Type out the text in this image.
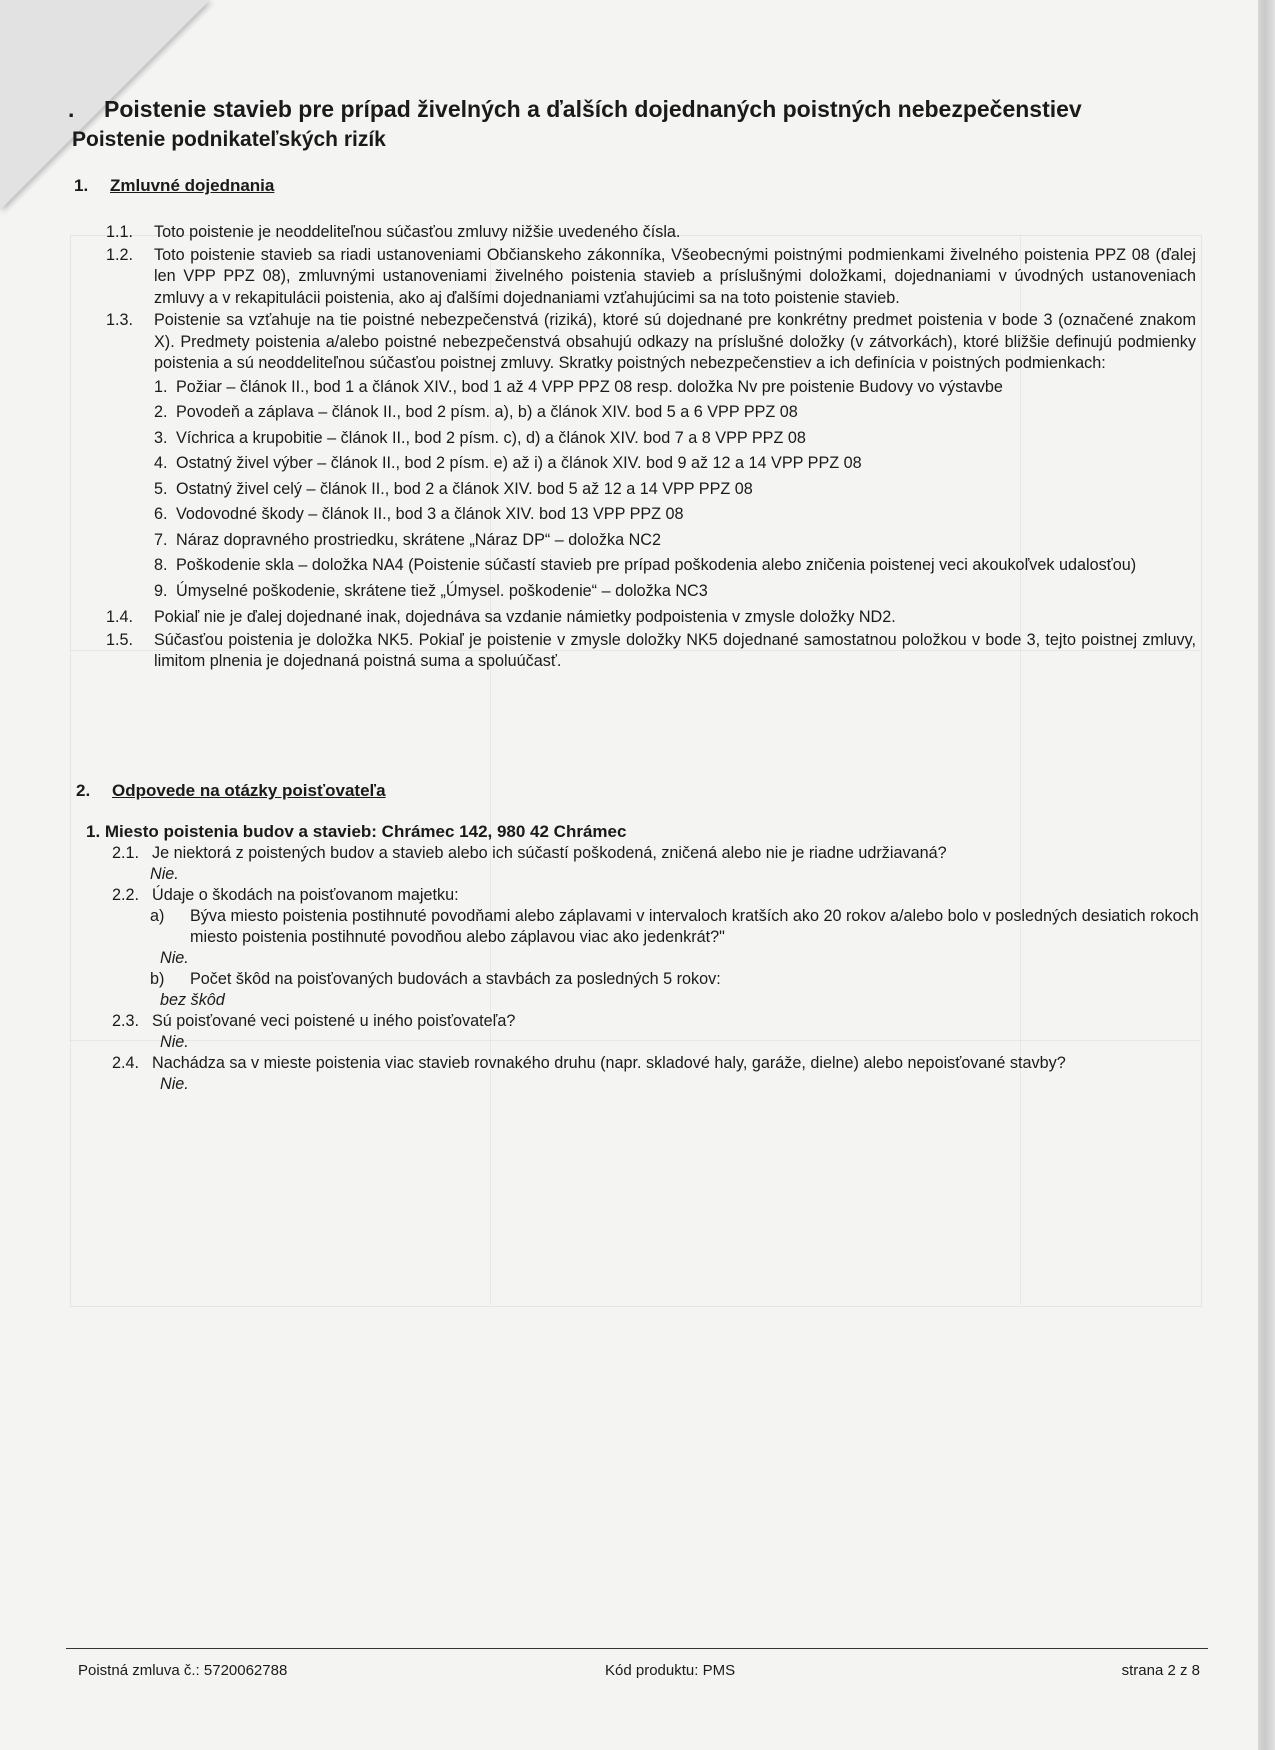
. Poistenie stavieb pre prípad živelných a ďalších dojednaných poistných nebezpečenstiev
Poistenie podnikateľských rizík
1. Zmluvné dojednania
1.1.	Toto poistenie je neoddeliteľnou súčasťou zmluvy nižšie uvedeného čísla.
1.2.	Toto poistenie stavieb sa riadi ustanoveniami Občianskeho zákonníka, Všeobecnými poistnými podmienkami živelného poistenia PPZ 08 (ďalej len VPP PPZ 08), zmluvnými ustanoveniami živelného poistenia stavieb a príslušnými doložkami, dojednaniami v úvodných ustanoveniach zmluvy a v rekapitulácii poistenia, ako aj ďalšími dojednaniami vzťahujúcimi sa na toto poistenie stavieb.
1.3.	Poistenie sa vzťahuje na tie poistné nebezpečenstvá (riziká), ktoré sú dojednané pre konkrétny predmet poistenia v bode 3 (označené znakom X). Predmety poistenia a/alebo poistné nebezpečenstvá obsahujú odkazy na príslušné doložky (v zátvorkách), ktoré bližšie definujú podmienky poistenia a sú neoddeliteľnou súčasťou poistnej zmluvy. Skratky poistných nebezpečenstiev a ich definícia v poistných podmienkach:
1. Požiar – článok II., bod 1 a článok XIV., bod 1 až 4 VPP PPZ 08 resp. doložka Nv pre poistenie Budovy vo výstavbe
2. Povodeň a záplava – článok II., bod 2 písm. a), b) a článok XIV. bod 5 a 6 VPP PPZ 08
3. Víchrica a krupobitie – článok II., bod 2 písm. c), d) a článok XIV. bod 7 a 8 VPP PPZ 08
4. Ostatný živel výber – článok II., bod 2 písm. e) až i) a článok XIV. bod 9 až 12 a 14 VPP PPZ 08
5. Ostatný živel celý – článok II., bod 2 a článok XIV. bod 5 až 12 a 14 VPP PPZ 08
6. Vodovodné škody – článok II., bod 3 a článok XIV. bod 13 VPP PPZ 08
7. Náraz dopravného prostriedku, skrátene „Náraz DP“ – doložka NC2
8. Poškodenie skla – doložka NA4 (Poistenie súčastí stavieb pre prípad poškodenia alebo zničenia poistenej veci akoukoľvek udalosťou)
9. Úmyselné poškodenie, skrátene tiež „Úmysel. poškodenie“ – doložka NC3
1.4.	Pokiaľ nie je ďalej dojednané inak, dojednáva sa vzdanie námietky podpoistenia v zmysle doložky ND2.
1.5.	Súčasťou poistenia je doložka NK5. Pokiaľ je poistenie v zmysle doložky NK5 dojednané samostatnou položkou v bode 3, tejto poistnej zmluvy, limitom plnenia je dojednaná poistná suma a spoluúčasť.
2. Odpovede na otázky poisťovateľa
1. Miesto poistenia budov a stavieb: Chrámec 142, 980 42 Chrámec
2.1. Je niektorá z poistených budov a stavieb alebo ich súčastí poškodená, zničená alebo nie je riadne udržiavaná?
Nie.
2.2. Údaje o škodách na poisťovanom majetku:
a)	Býva miesto poistenia postihnuté povodňami alebo záplavami v intervaloch kratších ako 20 rokov a/alebo bolo v posledných desiatich rokoch miesto poistenia postihnuté povodňou alebo záplavou viac ako jedenkrát?"
Nie.
b)	Počet škôd na poisťovaných budovách a stavbách za posledných 5 rokov:
bez škôd
2.3. Sú poisťované veci poistené u iného poisťovateľa?
Nie.
2.4. Nachádza sa v mieste poistenia viac stavieb rovnakého druhu (napr. skladové haly, garáže, dielne) alebo nepoisťované stavby?
Nie.
Poistná zmluva č.: 5720062788	Kód produktu: PMS	strana 2 z 8
